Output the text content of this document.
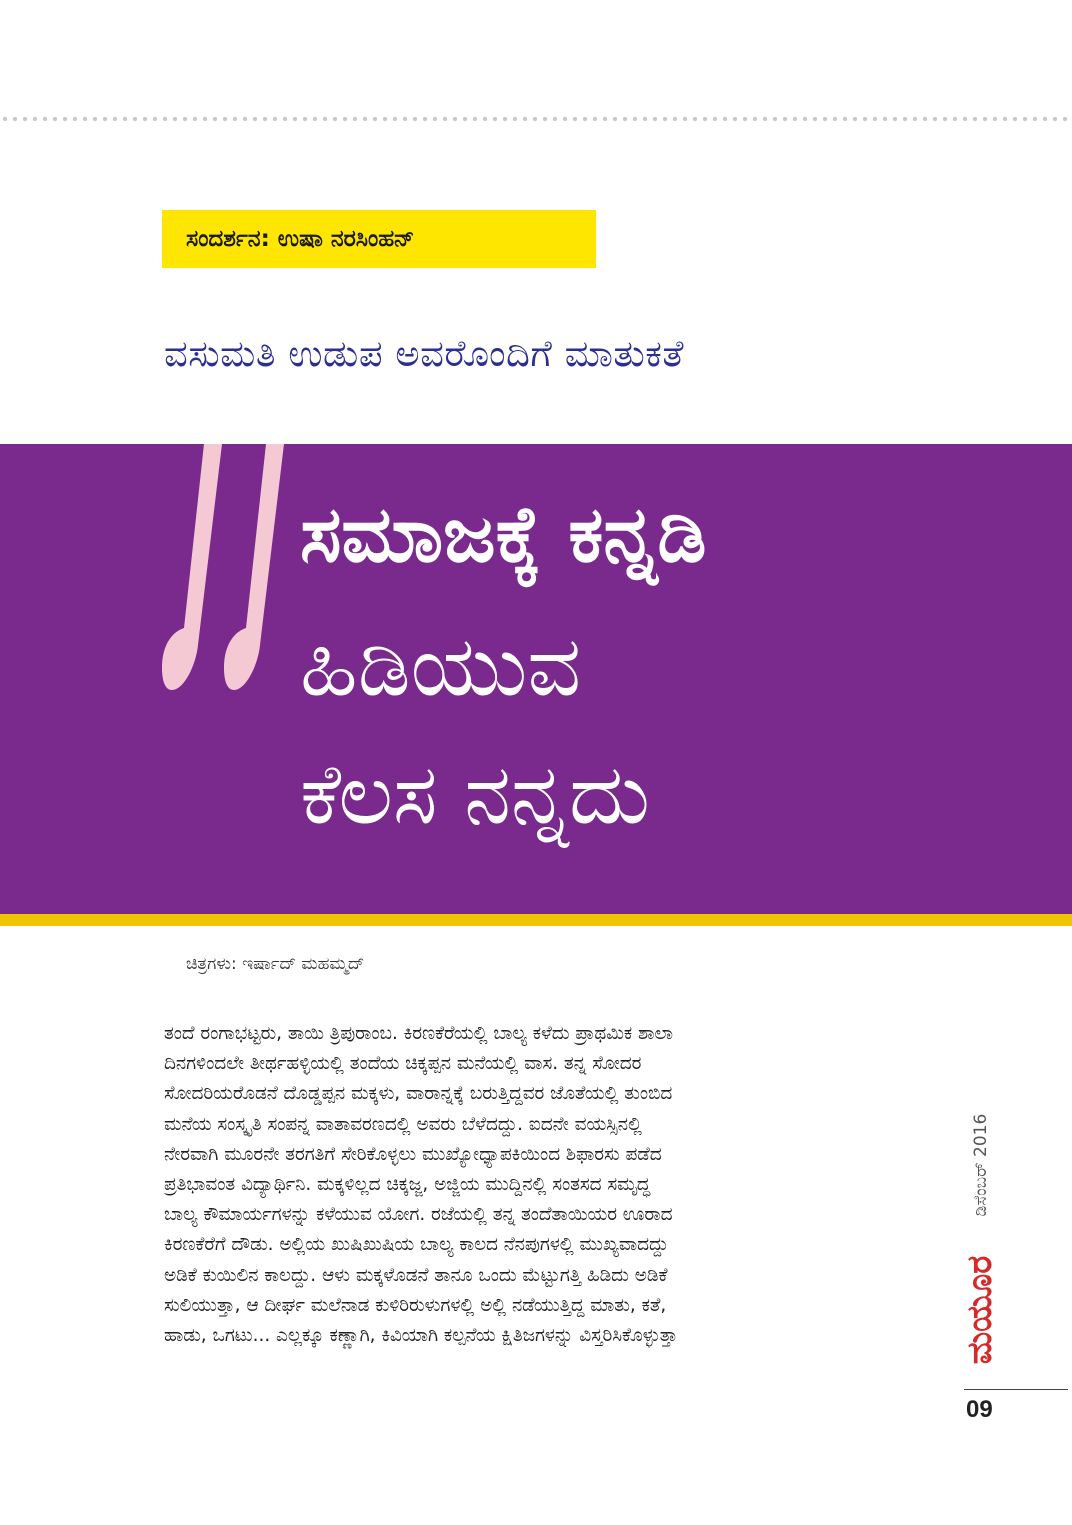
ಸಂದರ್ಶನ: ಉಷಾ ನರಸಿಂಹನ್
ವಸುಮತಿ ಉಡುಪ ಅವರೊಂದಿಗೆ ಮಾತುಕತೆ
ಸಮಾಜಕ್ಕೆ ಕನ್ನಡಿ
ಹಿಡಿಯುವ
ಕೆಲಸ ನನ್ನದು
ಚಿತ್ರಗಳು: ಇರ್ಷಾದ್ ಮಹಮ್ಮದ್

ತಂದೆ ರಂಗಾಭಟ್ಟರು, ತಾಯಿ ತ್ರಿಪುರಾಂಬ. ಕಿರಣಕೆರೆಯಲ್ಲಿ ಬಾಲ್ಯ ಕಳೆದು ಪ್ರಾಥಮಿಕ ಶಾಲಾ
ದಿನಗಳಿಂದಲೇ ತೀರ್ಥಹಳ್ಳಿಯಲ್ಲಿ ತಂದೆಯ ಚಿಕ್ಕಪ್ಪನ ಮನೆಯಲ್ಲಿ ವಾಸ. ತನ್ನ ಸೋದರ
ಸೋದರಿಯರೊಡನೆ ದೊಡ್ಡಪ್ಪನ ಮಕ್ಕಳು, ವಾರಾನ್ನಕ್ಕೆ ಬರುತ್ತಿದ್ದವರ ಜೊತೆಯಲ್ಲಿ ತುಂಬಿದ
ಮನೆಯ ಸಂಸ್ಕೃತಿ ಸಂಪನ್ನ ವಾತಾವರಣದಲ್ಲಿ ಅವರು ಬೆಳೆದದ್ದು. ಐದನೇ ವಯಸ್ಸಿನಲ್ಲಿ
ನೇರವಾಗಿ ಮೂರನೇ ತರಗತಿಗೆ ಸೇರಿಕೊಳ್ಳಲು ಮುಖ್ಯೋಧ್ಯಾಪಕಿಯಿಂದ ಶಿಫಾರಸು ಪಡೆದ
ಪ್ರತಿಭಾವಂತ ವಿದ್ಯಾರ್ಥಿನಿ. ಮಕ್ಕಳಿಲ್ಲದ ಚಿಕ್ಕಜ್ಜ, ಅಜ್ಜಿಯ ಮುದ್ದಿನಲ್ಲಿ ಸಂತಸದ ಸಮೃದ್ಧ
ಬಾಲ್ಯ ಕೌಮಾರ್ಯಗಳನ್ನು ಕಳೆಯುವ ಯೋಗ. ರಜೆಯಲ್ಲಿ ತನ್ನ ತಂದೆತಾಯಿಯರ ಊರಾದ
ಕಿರಣಕೆರೆಗೆ ದೌಡು. ಅಲ್ಲಿಯ ಖುಷಿಖುಷಿಯ ಬಾಲ್ಯ ಕಾಲದ ನೆನಪುಗಳಲ್ಲಿ ಮುಖ್ಯವಾದದ್ದು
ಅಡಿಕೆ ಕುಯಿಲಿನ ಕಾಲದ್ದು. ಆಳು ಮಕ್ಕಳೊಡನೆ ತಾನೂ ಒಂದು ಮೆಟ್ಟುಗತ್ತಿ ಹಿಡಿದು ಅಡಿಕೆ
ಸುಲಿಯುತ್ತಾ, ಆ ದೀರ್ಘ ಮಲೆನಾಡ ಕುಳಿರಿರುಳುಗಳಲ್ಲಿ ಅಲ್ಲಿ ನಡೆಯುತ್ತಿದ್ದ ಮಾತು, ಕತೆ,
ಹಾಡು, ಒಗಟು... ಎಲ್ಲಕ್ಕೂ ಕಣ್ಣಾಗಿ, ಕಿವಿಯಾಗಿ ಕಲ್ಪನೆಯ ಕ್ಷಿತಿಜಗಳನ್ನು ವಿಸ್ತರಿಸಿಕೊಳ್ಳುತ್ತಾ

ಡಿಸೆಂಬರ್ 2016
ಮಯೂರ
09
